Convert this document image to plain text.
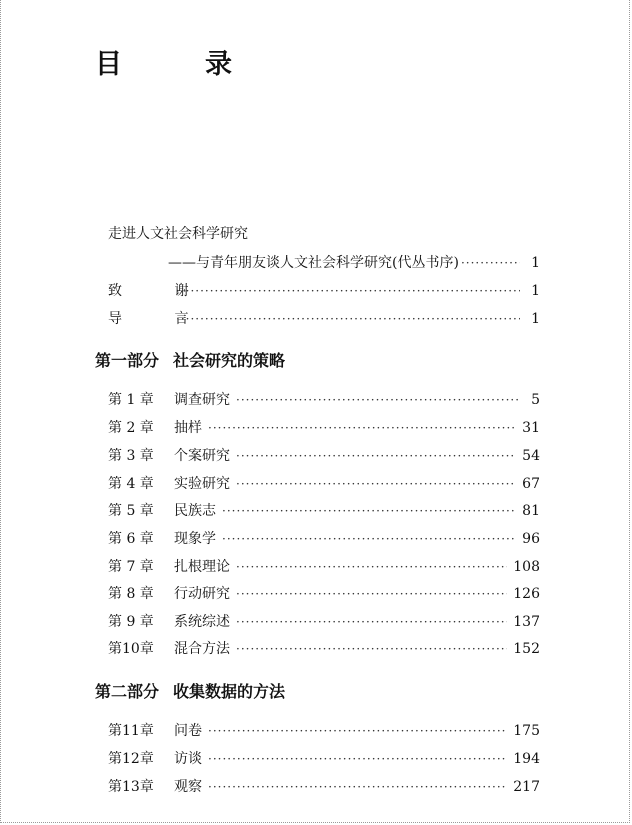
目　录
走进人文社会科学研究
——与青年朋友谈人文社会科学研究(代丛书序) ·····	1
致 谢 ·····	1
导 言 ·····	1
第一部分 社会研究的策略
第 1 章	调查研究 ·····	5
第 2 章	抽样 ·····	31
第 3 章	个案研究 ·····	54
第 4 章	实验研究 ·····	67
第 5 章	民族志 ·····	81
第 6 章	现象学 ·····	96
第 7 章	扎根理论 ·····	108
第 8 章	行动研究 ·····	126
第 9 章	系统综述 ·····	137
第10章	混合方法 ·····	152
第二部分 收集数据的方法
第11章	问卷 ·····	175
第12章	访谈 ·····	194
第13章	观察 ·····	217
